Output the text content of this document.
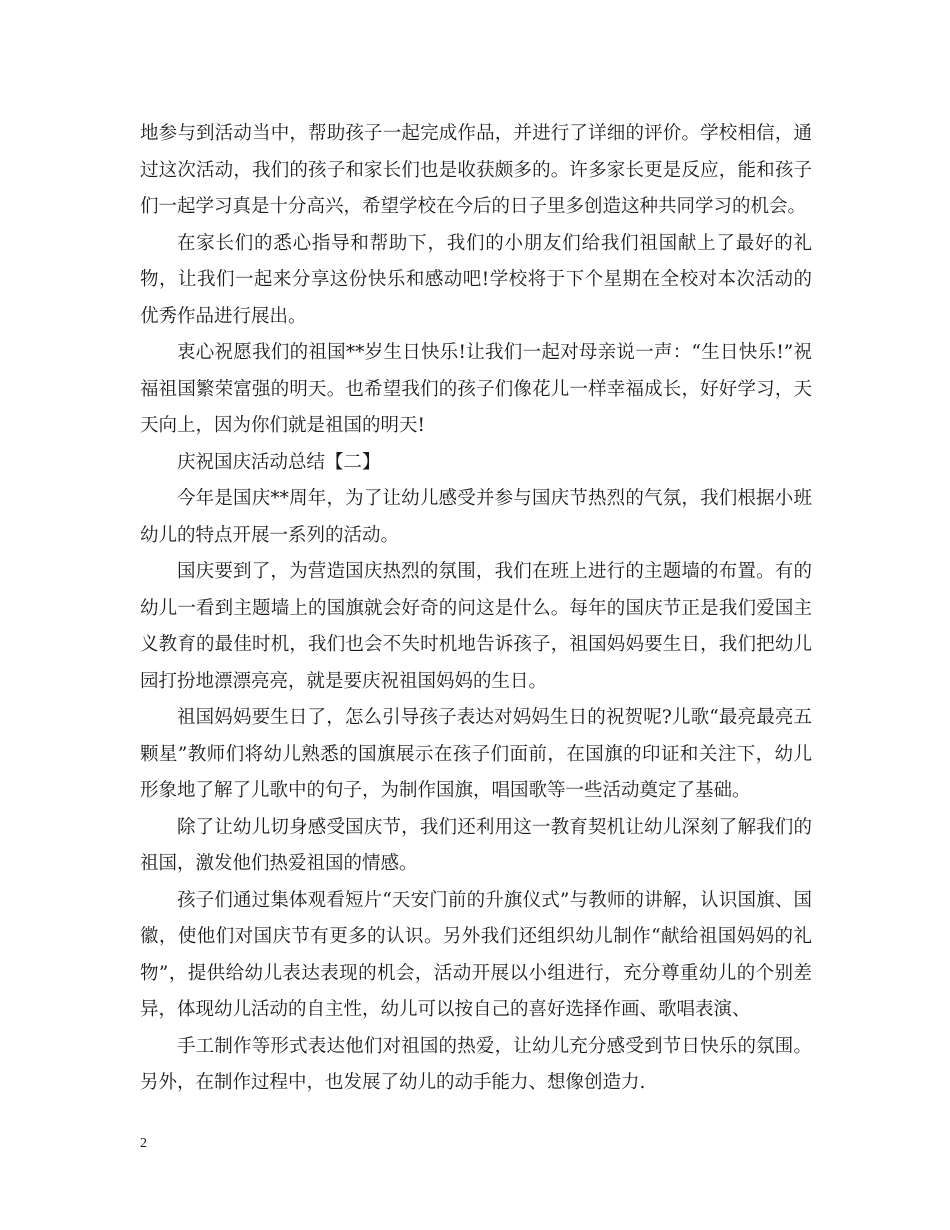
地参与到活动当中，帮助孩子一起完成作品，并进行了详细的评价。学校相信，通过这次活动，我们的孩子和家长们也是收获颇多的。许多家长更是反应，能和孩子们一起学习真是十分高兴，希望学校在今后的日子里多创造这种共同学习的机会。

在家长们的悉心指导和帮助下，我们的小朋友们给我们祖国献上了最好的礼物，让我们一起来分享这份快乐和感动吧!学校将于下个星期在全校对本次活动的优秀作品进行展出。

衷心祝愿我们的祖国**岁生日快乐!让我们一起对母亲说一声：“生日快乐!”祝福祖国繁荣富强的明天。也希望我们的孩子们像花儿一样幸福成长，好好学习，天天向上，因为你们就是祖国的明天!

庆祝国庆活动总结【二】

今年是国庆**周年，为了让幼儿感受并参与国庆节热烈的气氛，我们根据小班幼儿的特点开展一系列的活动。

国庆要到了，为营造国庆热烈的氛围，我们在班上进行的主题墙的布置。有的幼儿一看到主题墙上的国旗就会好奇的问这是什么。每年的国庆节正是我们爱国主义教育的最佳时机，我们也会不失时机地告诉孩子，祖国妈妈要生日，我们把幼儿园打扮地漂漂亮亮，就是要庆祝祖国妈妈的生日。

祖国妈妈要生日了，怎么引导孩子表达对妈妈生日的祝贺呢?儿歌“最亮最亮五颗星”教师们将幼儿熟悉的国旗展示在孩子们面前，在国旗的印证和关注下，幼儿形象地了解了儿歌中的句子，为制作国旗，唱国歌等一些活动奠定了基础。

除了让幼儿切身感受国庆节，我们还利用这一教育契机让幼儿深刻了解我们的祖国，激发他们热爱祖国的情感。

孩子们通过集体观看短片“天安门前的升旗仪式”与教师的讲解，认识国旗、国徽，使他们对国庆节有更多的认识。另外我们还组织幼儿制作“献给祖国妈妈的礼物”，提供给幼儿表达表现的机会，活动开展以小组进行，充分尊重幼儿的个别差异，体现幼儿活动的自主性，幼儿可以按自己的喜好选择作画、歌唱表演、

手工制作等形式表达他们对祖国的热爱，让幼儿充分感受到节日快乐的氛围。另外，在制作过程中，也发展了幼儿的动手能力、想像创造力.

2
